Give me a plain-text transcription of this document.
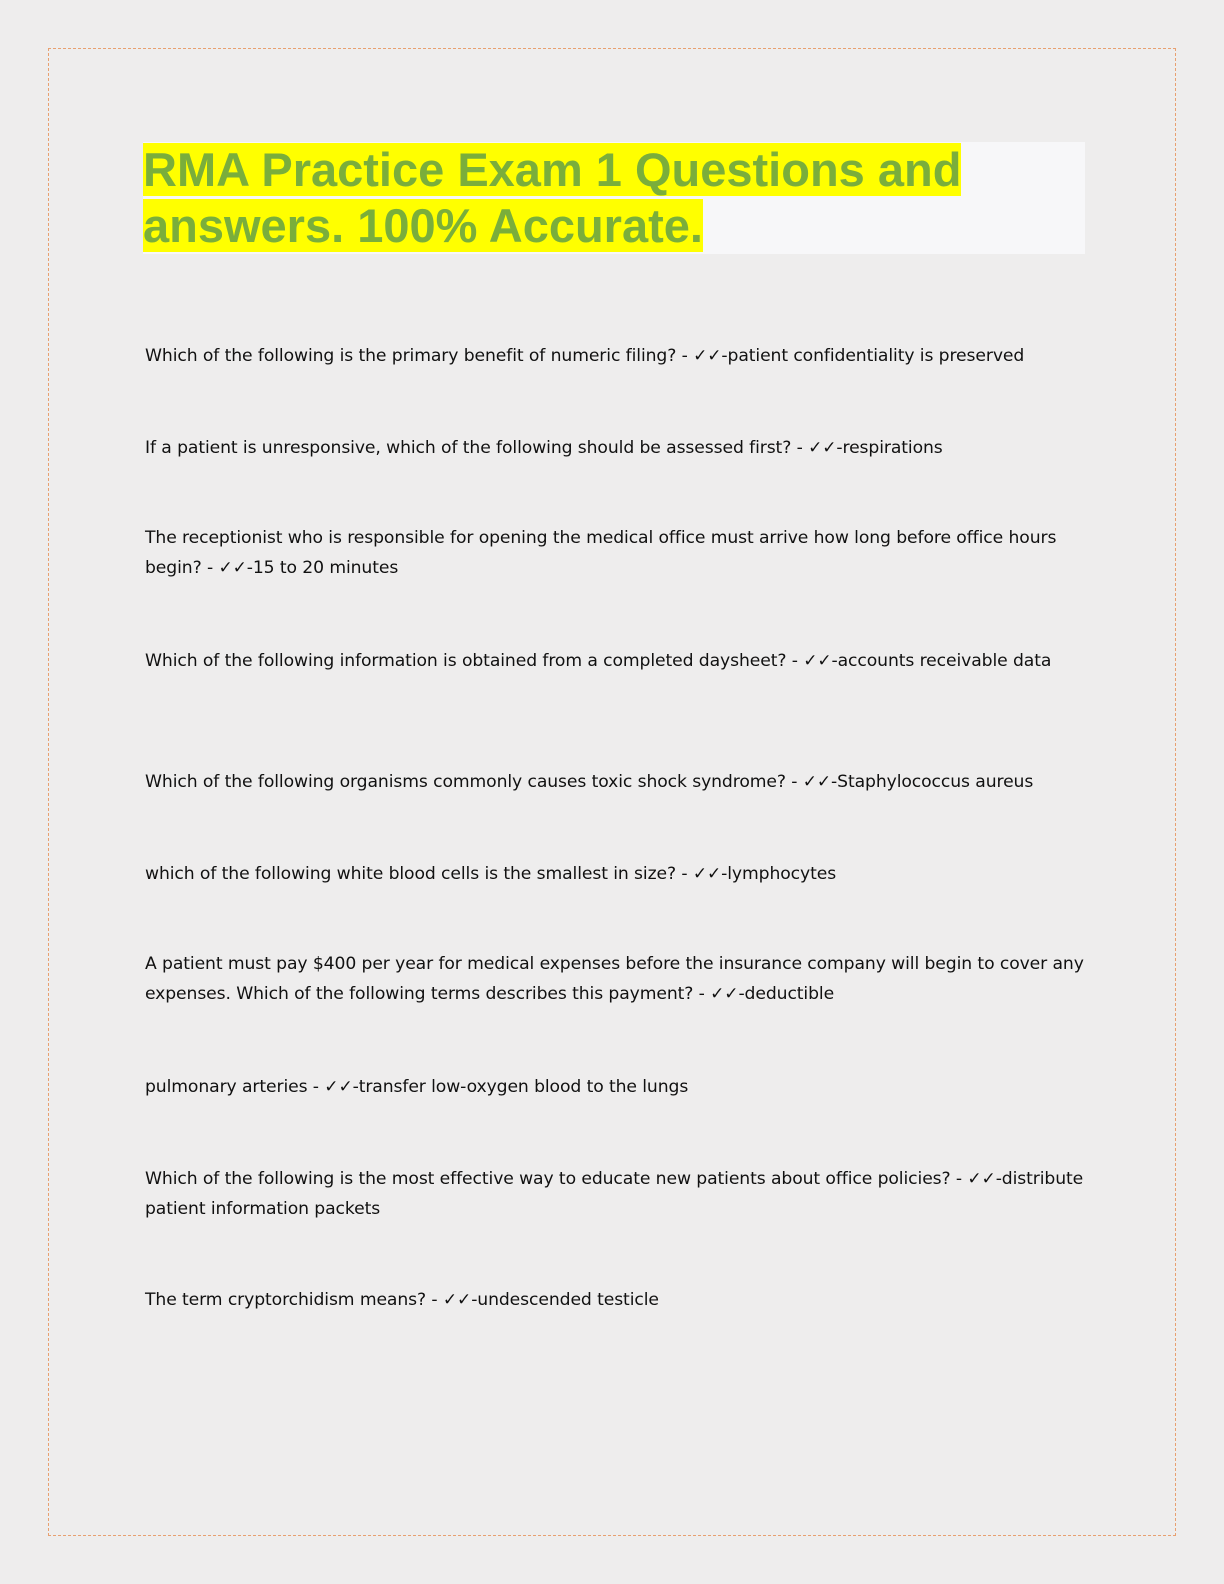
RMA Practice Exam 1 Questions and
answers. 100% Accurate.

Which of the following is the primary benefit of numeric filing? - ✓✓-patient confidentiality is preserved

If a patient is unresponsive, which of the following should be assessed first? - ✓✓-respirations

The receptionist who is responsible for opening the medical office must arrive how long before office hours begin? - ✓✓-15 to 20 minutes

Which of the following information is obtained from a completed daysheet? - ✓✓-accounts receivable data

Which of the following organisms commonly causes toxic shock syndrome? - ✓✓-Staphylococcus aureus

which of the following white blood cells is the smallest in size? - ✓✓-lymphocytes

A patient must pay $400 per year for medical expenses before the insurance company will begin to cover any expenses. Which of the following terms describes this payment? - ✓✓-deductible

pulmonary arteries - ✓✓-transfer low-oxygen blood to the lungs

Which of the following is the most effective way to educate new patients about office policies? - ✓✓-distribute patient information packets

The term cryptorchidism means? - ✓✓-undescended testicle
